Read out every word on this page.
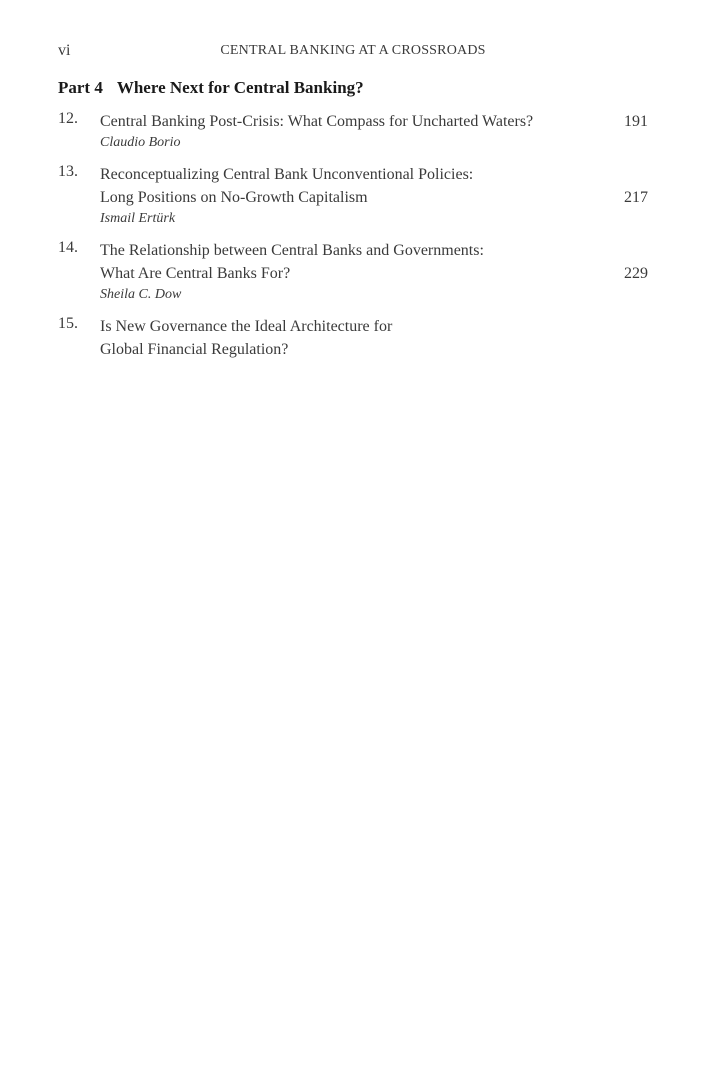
vi	CENTRAL BANKING AT A CROSSROADS
Part 4 Where Next for Central Banking?
12. Central Banking Post-Crisis: What Compass for Uncharted Waters?
Claudio Borio
191
13. Reconceptualizing Central Bank Unconventional Policies:
Long Positions on No-Growth Capitalism
Ismail Ertürk
217
14. The Relationship between Central Banks and Governments:
What Are Central Banks For?
Sheila C. Dow
229
15. Is New Governance the Ideal Architecture for
Global Financial Regulation?
